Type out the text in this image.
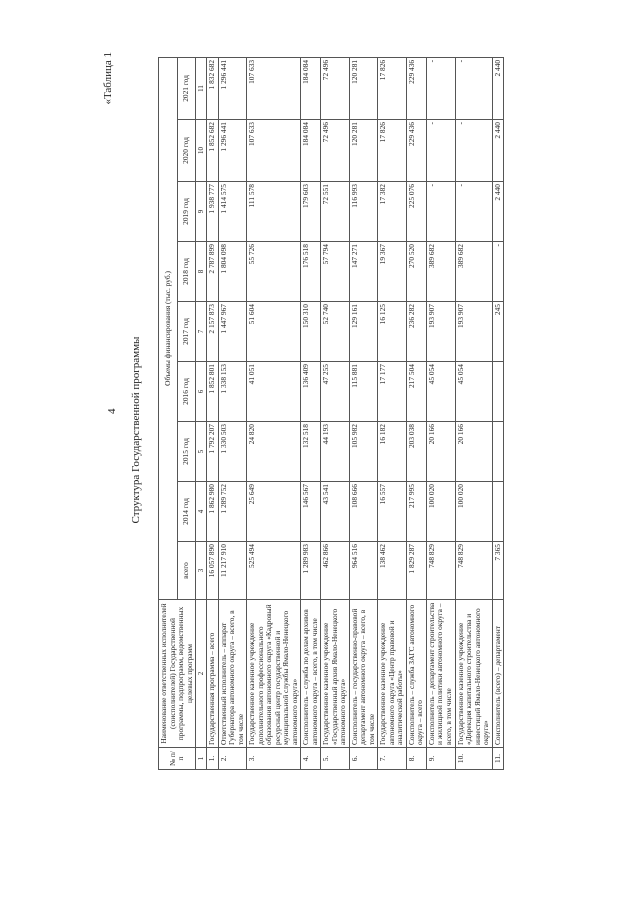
4
«Таблица 1
Структура Государственной программы
№ п/п	Наименование ответственных исполнителей (соисполнителей) Государственной программы, подпрограмм, ведомственных целевых программ	Объемы финансирования (тыс. руб.)								
		всего	2014 год	2015 год	2016 год	2017 год	2018 год	2019 год	2020 год	2021 год
1	2	3	4	5	6	7	8	9	10	11
1.	Государственная программа – всего	16 057 890	1 862 980	1 792 207	1 852 801	2 157 873	2 787 899	1 938 777	1 852 682	1 832 682
2.	Ответственный исполнитель – аппарат Губернатора автономного округа – всего, в том числе	11 217 910	1 289 752	1 330 503	1 338 153	1 447 967	1 804 098	1 414 575	1 296 441	1 296 441
3.	Государственное казенное учреждение дополнительного профессионального образования автономного округа «Кадровый ресурсный центр государственной и муниципальной службы Ямало-Ненецкого автономного округа»	525 494	25 649	24 820	41 051	51 604	55 726	111 578	107 633	107 633
4.	Соисполнитель – служба по делам архивов автономного округа – всего, в том числе	1 289 983	146 567	132 518	136 409	150 310	176 518	179 603	184 084	184 084
5.	Государственное казенное учреждение «Государственный архив Ямало-Ненецкого автономного округа»	462 866	43 541	44 193	47 255	52 740	57 794	72 551	72 496	72 496
6.	Соисполнитель – государственно-правовой департамент автономного округа – всего, в том числе	964 516	108 666	105 982	115 881	129 161	147 271	116 993	120 281	120 281
7.	Государственное казенное учреждение автономного округа «Центр правовой и аналитической работы»	138 462	16 557	16 182	17 177	16 125	19 367	17 382	17 826	17 826
8.	Соисполнитель – служба ЗАГС автономного округа – всего	1 829 287	217 995	203 038	217 504	236 282	270 520	225 076	229 436	229 436
9.	Соисполнитель – департамент строительства и жилищной политики автономного округа – всего, в том числе	748 829	100 020	20 166	45 054	193 907	389 682	-	-	-
10.	Государственное казенное учреждение «Дирекция капитального строительства и инвестиций Ямало-Ненецкого автономного округа»	748 829	100 020	20 166	45 054	193 907	389 682	-	-	-
11.	Соисполнитель (всего) – департамент	7 365				245	-	2 440	2 440	2 440
